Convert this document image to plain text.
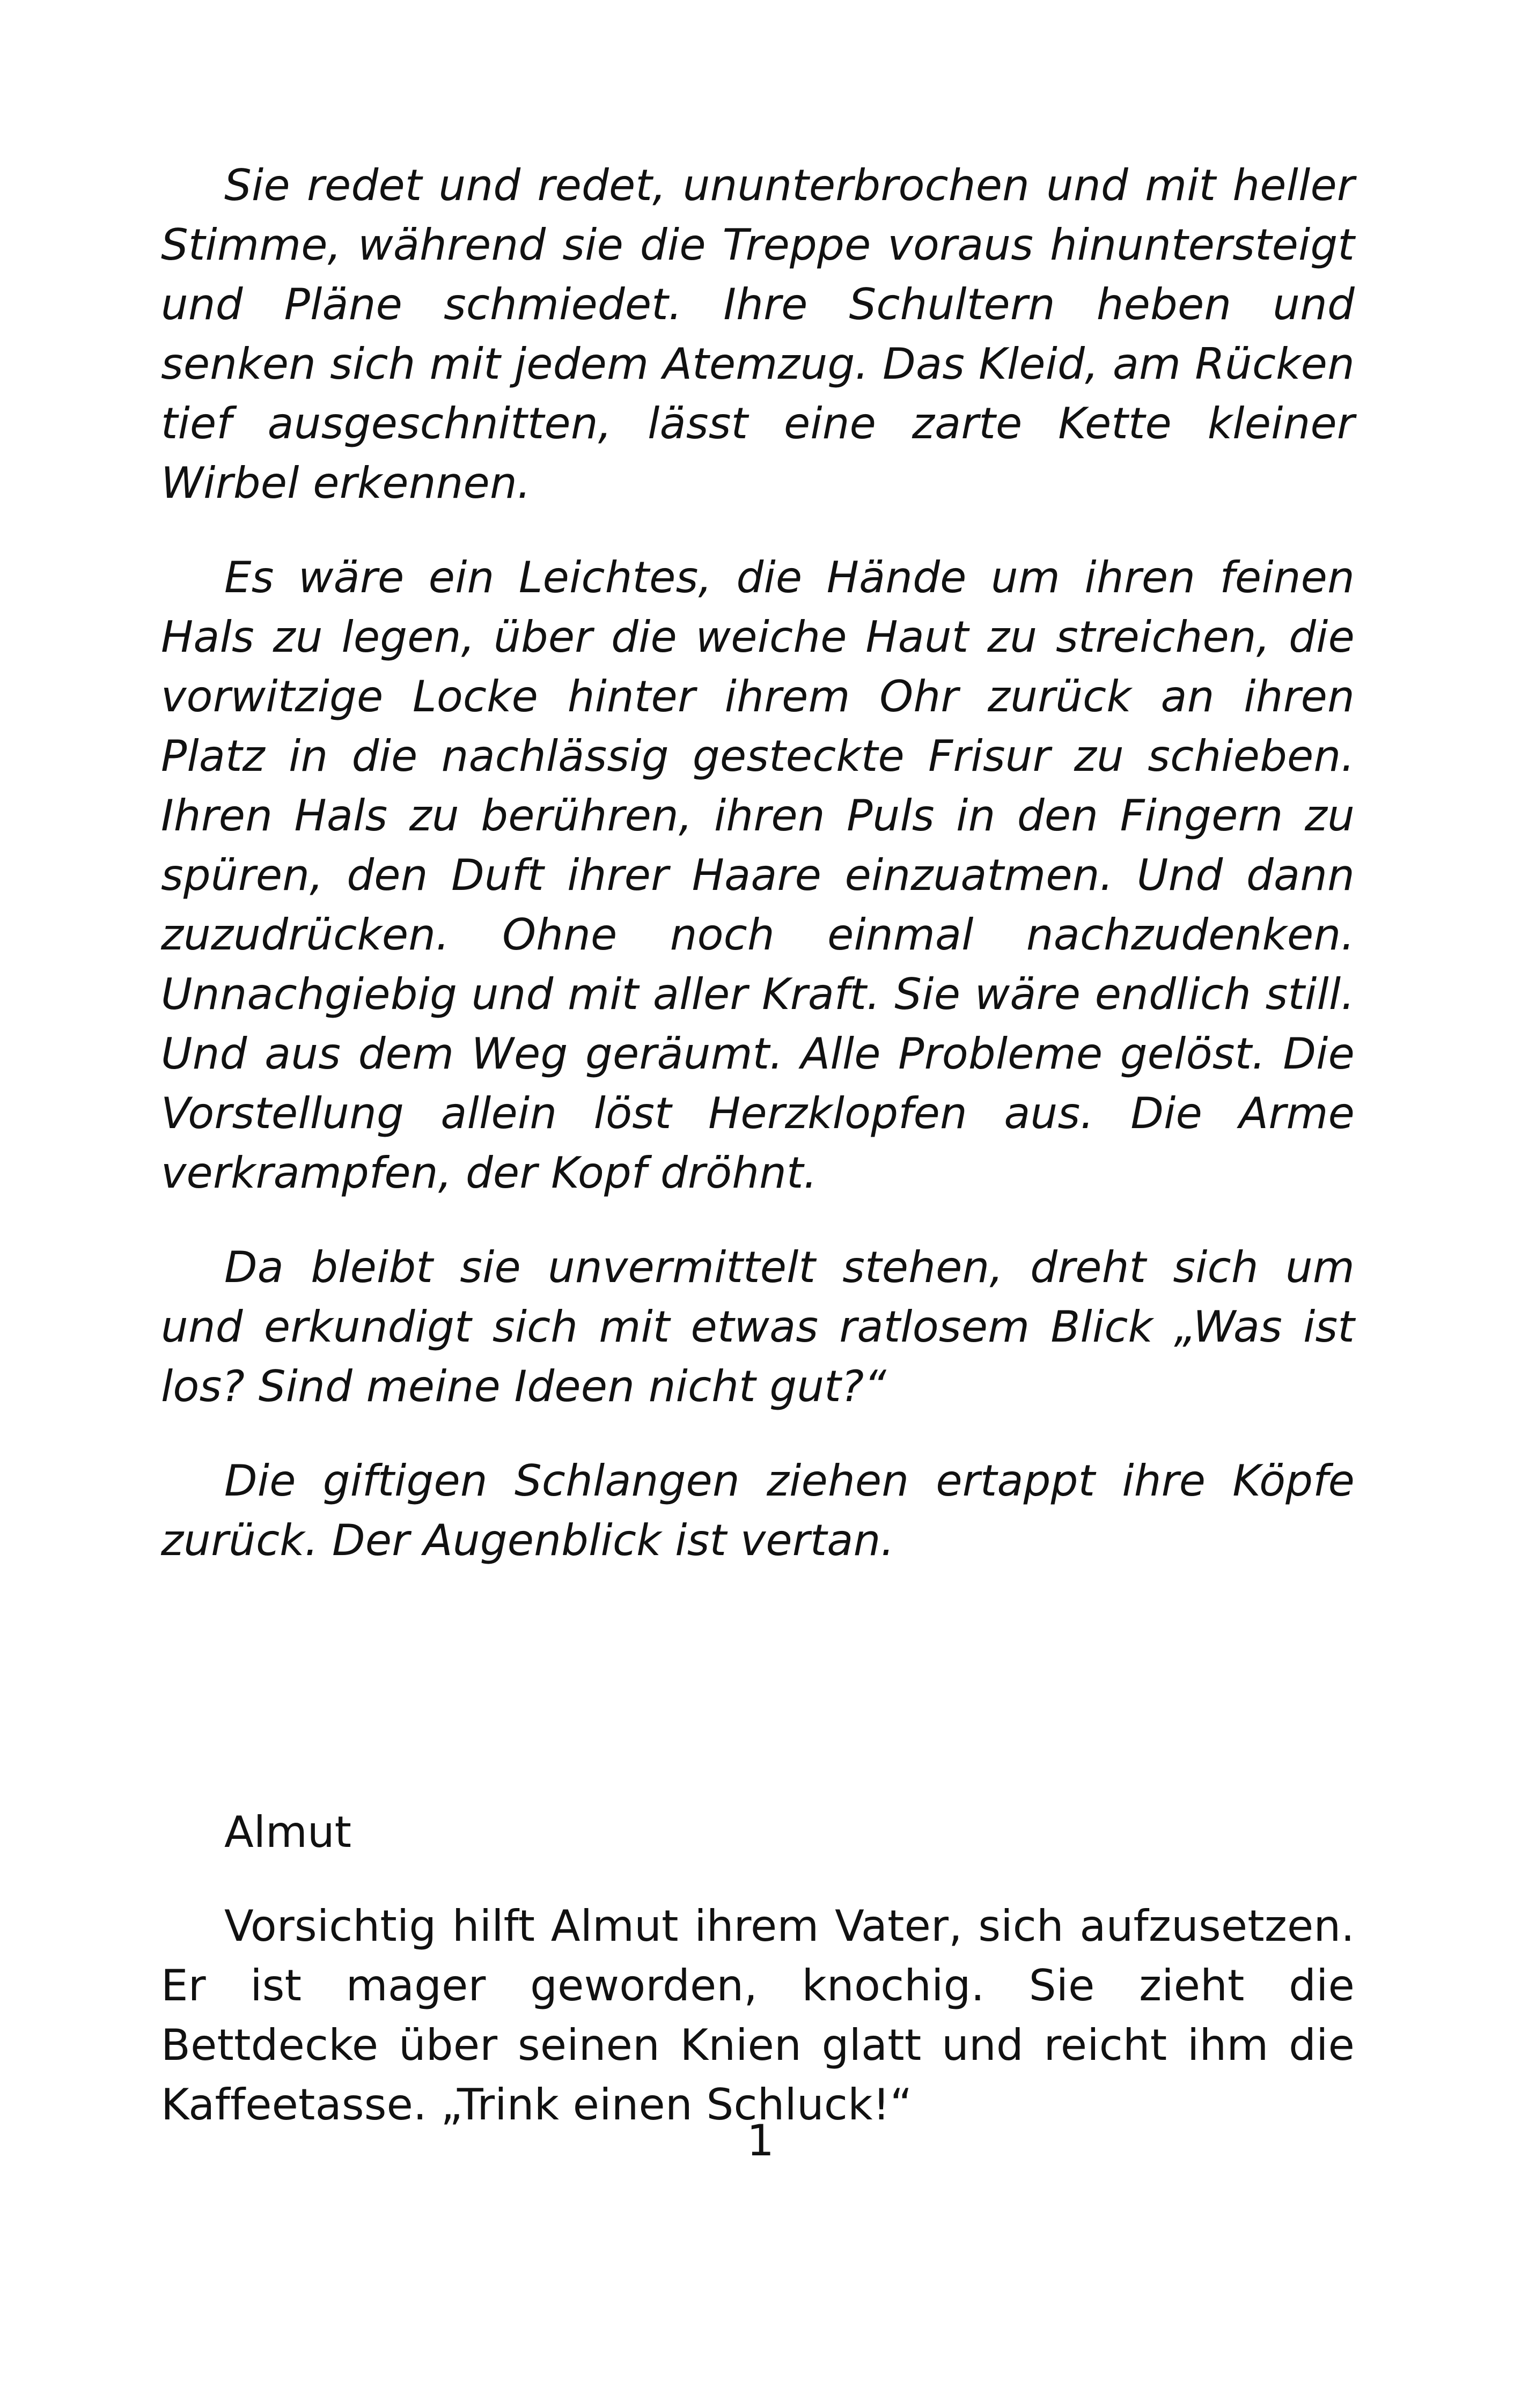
Sie redet und redet, ununterbrochen und mit heller Stimme, während sie die Treppe voraus hinuntersteigt und Pläne schmiedet. Ihre Schultern heben und senken sich mit jedem Atemzug. Das Kleid, am Rücken tief ausgeschnitten, lässt eine zarte Kette kleiner Wirbel erkennen.

Es wäre ein Leichtes, die Hände um ihren feinen Hals zu legen, über die weiche Haut zu streichen, die vorwitzige Locke hinter ihrem Ohr zurück an ihren Platz in die nachlässig gesteckte Frisur zu schieben. Ihren Hals zu berühren, ihren Puls in den Fingern zu spüren, den Duft ihrer Haare einzuatmen. Und dann zuzudrücken. Ohne noch einmal nachzudenken. Unnachgiebig und mit aller Kraft. Sie wäre endlich still. Und aus dem Weg geräumt. Alle Probleme gelöst. Die Vorstellung allein löst Herzklopfen aus. Die Arme verkrampfen, der Kopf dröhnt.

Da bleibt sie unvermittelt stehen, dreht sich um und erkundigt sich mit etwas ratlosem Blick „Was ist los? Sind meine Ideen nicht gut?“

Die giftigen Schlangen ziehen ertappt ihre Köpfe zurück. Der Augenblick ist vertan.

Almut

Vorsichtig hilft Almut ihrem Vater, sich aufzusetzen. Er ist mager geworden, knochig. Sie zieht die Bettdecke über seinen Knien glatt und reicht ihm die Kaffeetasse. „Trink einen Schluck!“

1
